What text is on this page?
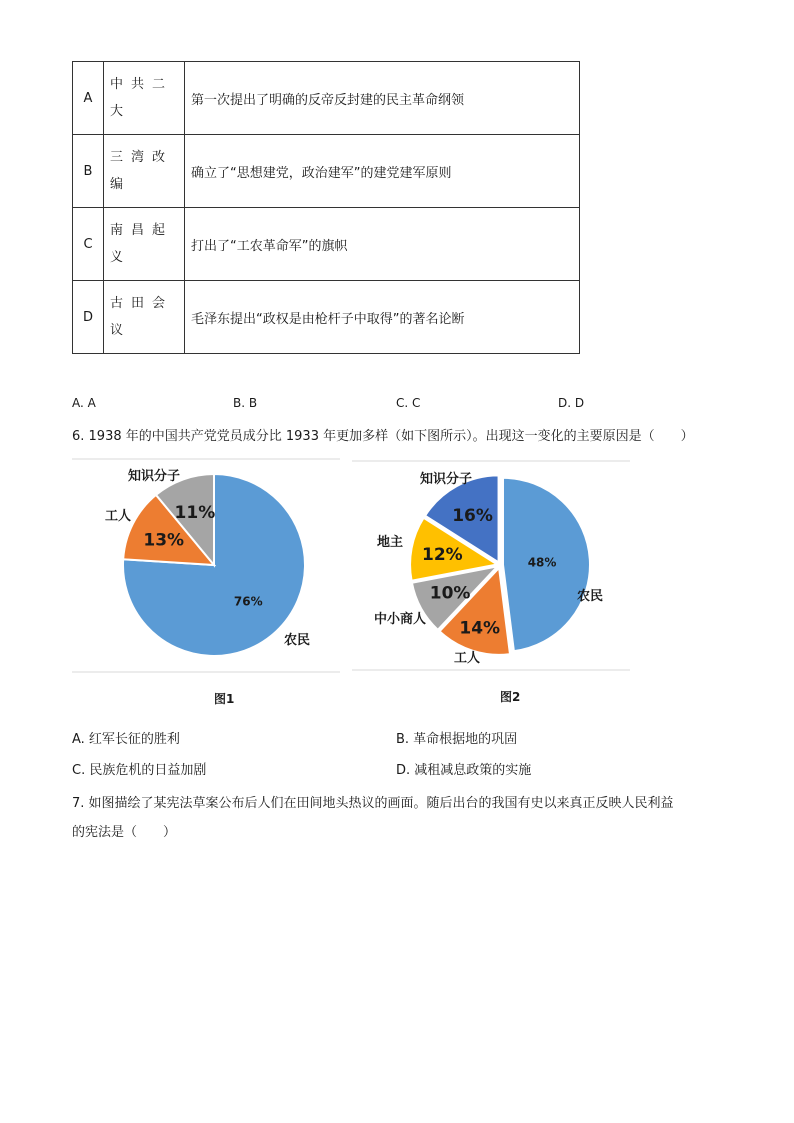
A	中共二大	第一次提出了明确的反帝反封建的民主革命纲领
B	三湾改编	确立了“思想建党，政治建军”的建党建军原则
C	南昌起义	打出了“工农革命军”的旗帜
D	古田会议	毛泽东提出“政权是由枪杆子中取得”的著名论断
A. A	B. B	C. C	D. D
6. 1938 年的中国共产党党员成分比 1933 年更加多样（如下图所示）。出现这一变化的主要原因是（　　）
76%
农民
13%
工人	11%
知识分子
48%
农民
14%
工人
10%
中小商人
12%
地主
16%
知识分子
图1	图2
A. 红军长征的胜利	B. 革命根据地的巩固
C. 民族危机的日益加剧	D. 减租减息政策的实施
7. 如图描绘了某宪法草案公布后人们在田间地头热议的画面。随后出台的我国有史以来真正反映人民利益
的宪法是（　　）
